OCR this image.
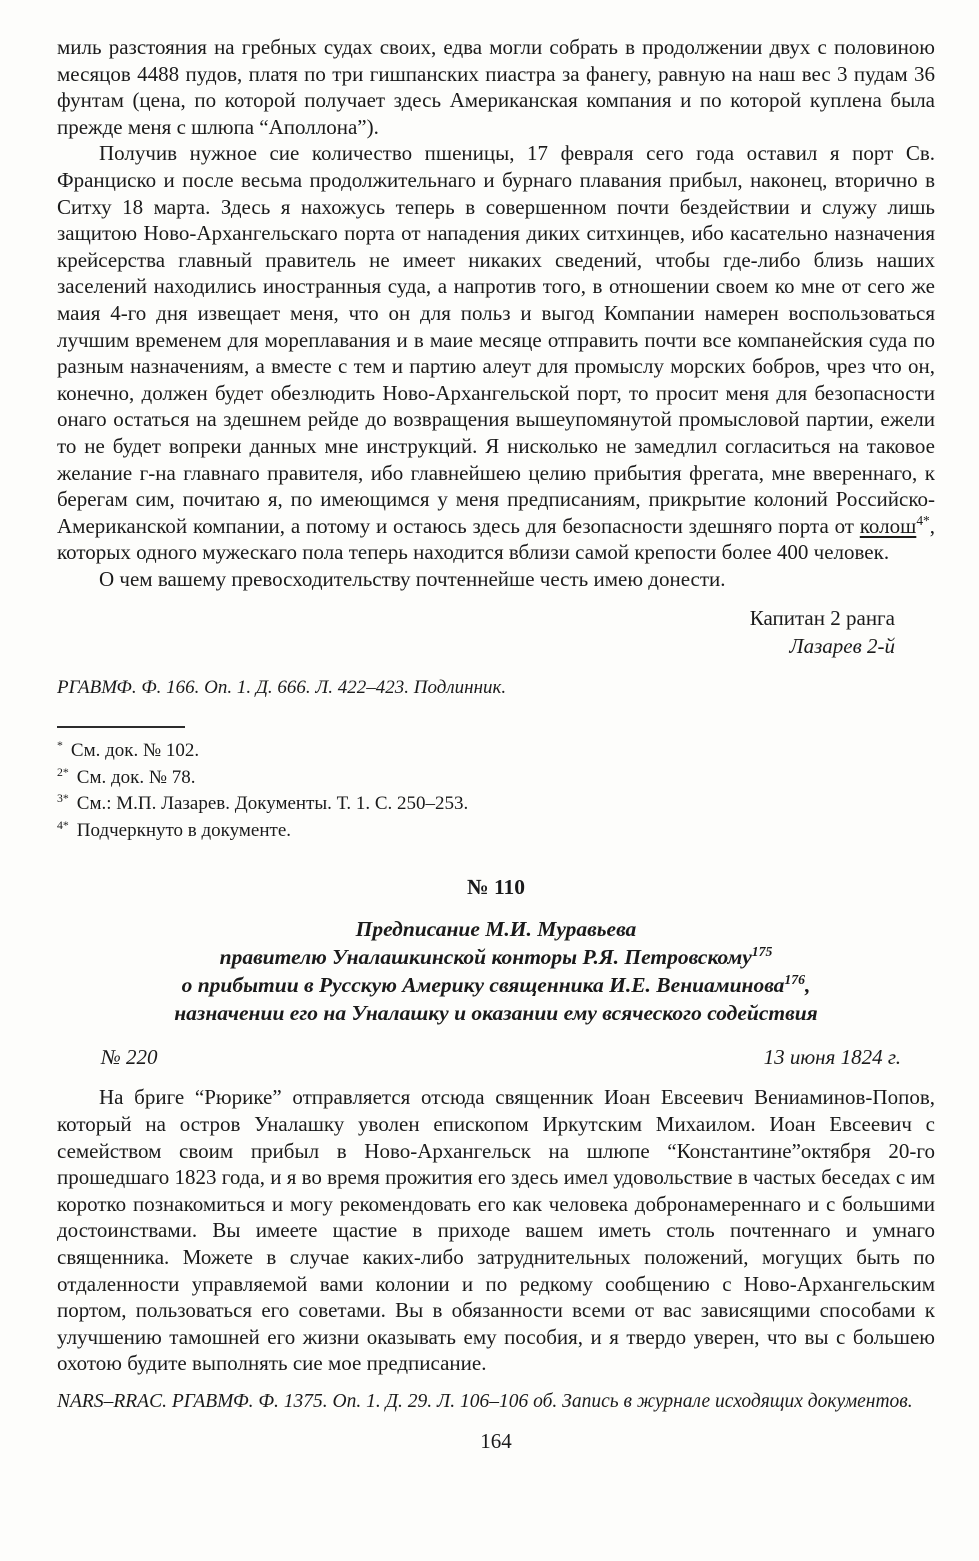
миль разстояния на гребных судах своих, едва могли собрать в продолжении двух с половиною месяцов 4488 пудов, платя по три гишпанских пиастра за фанегу, равную на наш вес 3 пудам 36 фунтам (цена, по которой получает здесь Американская компания и по которой куплена была прежде меня с шлюпа “Аполлона”).

Получив нужное сие количество пшеницы, 17 февраля сего года оставил я порт Св. Франциско и после весьма продолжительнаго и бурнаго плавания прибыл, наконец, вторично в Ситху 18 марта. Здесь я нахожусь теперь в совершенном почти бездействии и служу лишь защитою Ново-Архангельскаго порта от нападения диких ситхинцев, ибо касательно назначения крейсерства главный правитель не имеет никаких сведений, чтобы где-либо близь наших заселений находились иностранныя суда, а напротив того, в отношении своем ко мне от сего же маия 4-го дня извещает меня, что он для польз и выгод Компании намерен воспользоваться лучшим временем для мореплавания и в маие месяце отправить почти все компанейския суда по разным назначениям, а вместе с тем и партию алеут для промыслу морских бобров, чрез что он, конечно, должен будет обезлюдить Ново-Архангельской порт, то просит меня для безопасности онаго остаться на здешнем рейде до возвращения вышеупомянутой промысловой партии, ежели то не будет вопреки данных мне инструкций. Я нисколько не замедлил согласиться на таковое желание г-на главнаго правителя, ибо главнейшею целию прибытия фрегата, мне ввереннаго, к берегам сим, почитаю я, по имеющимся у меня предписаниям, прикрытие колоний Российско-Американской компании, а потому и остаюсь здесь для безопасности здешняго порта от колош$^{4*}$, которых одного мужескаго пола теперь находится вблизи самой крепости более 400 человек.

О чем вашему превосходительству почтеннейше честь имею донести.

Капитан 2 ранга
Лазарев 2-й
РГАВМФ. Ф. 166. Оп. 1. Д. 666. Л. 422–423. Подлинник.
* См. док. № 102.
$^{2*}$ См. док. № 78.
$^{3*}$ См.: М.П. Лазарев. Документы. Т. 1. С. 250–253.
$^{4*}$ Подчеркнуто в документе.
№ 110
Предписание М.И. Муравьева
правителю Уналашкинской конторы Р.Я. Петровскому$^{175}$
о прибытии в Русскую Америку священника И.Е. Вениаминова$^{176}$,
назначении его на Уналашку и оказании ему всяческого содействия
№ 220	13 июня 1824 г.

На бриге “Рюрике” отправляется отсюда священник Иоан Евсеевич Вениаминов-Попов, который на остров Уналашку уволен епископом Иркутским Михаилом. Иоан Евсеевич с семейством своим прибыл в Ново-Архангельск на шлюпе “Константине”октября 20-го прошедшаго 1823 года, и я во время прожития его здесь имел удовольствие в частых беседах с им коротко познакомиться и могу рекомендовать его как человека добронамереннаго и с большими достоинствами. Вы имеете щастие в приходе вашем иметь столь почтеннаго и умнаго священника. Можете в случае каких-либо затруднительных положений, могущих быть по отдаленности управляемой вами колонии и по редкому сообщению с Ново-Архангельским портом, пользоваться его советами. Вы в обязанности всеми от вас зависящими способами к улучшению тамошней его жизни оказывать ему пособия, и я твердо уверен, что вы с большею охотою будите выполнять сие мое предписание.

NARS–RRAC. РГАВМФ. Ф. 1375. Оп. 1. Д. 29. Л. 106–106 об. Запись в журнале исходящих документов.
164
